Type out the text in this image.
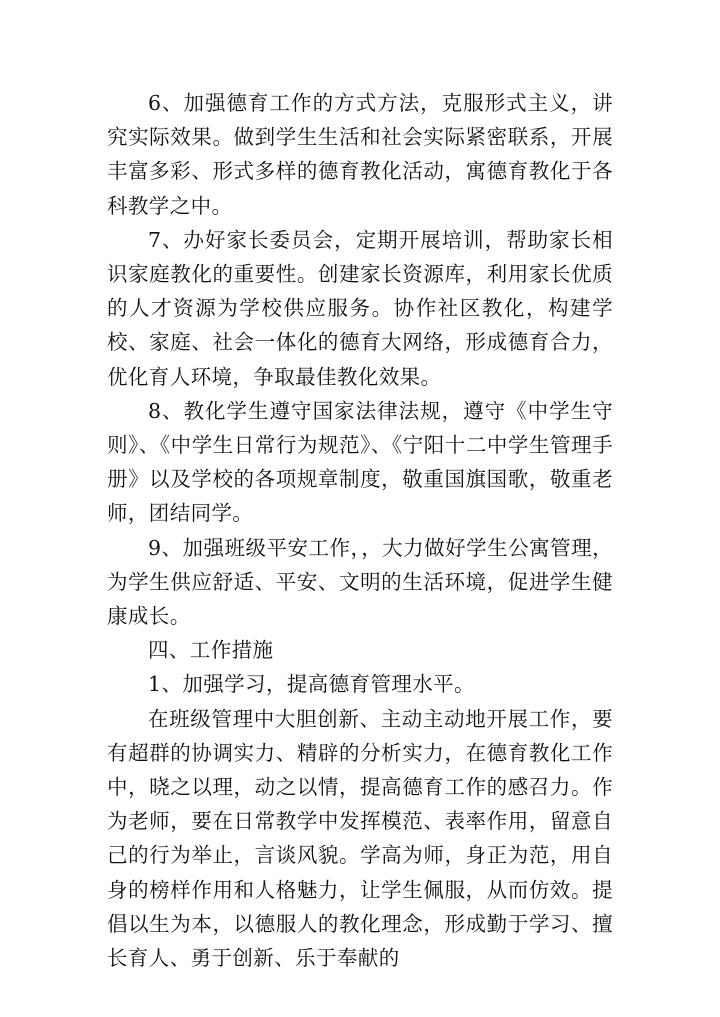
6、加强德育工作的方式方法，克服形式主义，讲究实际效果。做到学生生活和社会实际紧密联系，开展丰富多彩、形式多样的德育教化活动，寓德育教化于各科教学之中。

7、办好家长委员会，定期开展培训，帮助家长相识家庭教化的重要性。创建家长资源库，利用家长优质的人才资源为学校供应服务。协作社区教化，构建学校、家庭、社会一体化的德育大网络，形成德育合力，优化育人环境，争取最佳教化效果。

8、教化学生遵守国家法律法规，遵守《中学生守则》、《中学生日常行为规范》、《宁阳十二中学生管理手册》以及学校的各项规章制度，敬重国旗国歌，敬重老师，团结同学。

9、加强班级平安工作，，大力做好学生公寓管理，为学生供应舒适、平安、文明的生活环境，促进学生健康成长。

四、工作措施

1、加强学习，提高德育管理水平。

在班级管理中大胆创新、主动主动地开展工作，要有超群的协调实力、精辟的分析实力，在德育教化工作中，晓之以理，动之以情，提高德育工作的感召力。作为老师，要在日常教学中发挥模范、表率作用，留意自己的行为举止，言谈风貌。学高为师，身正为范，用自身的榜样作用和人格魅力，让学生佩服，从而仿效。提倡以生为本，以德服人的教化理念，形成勤于学习、擅长育人、勇于创新、乐于奉献的
